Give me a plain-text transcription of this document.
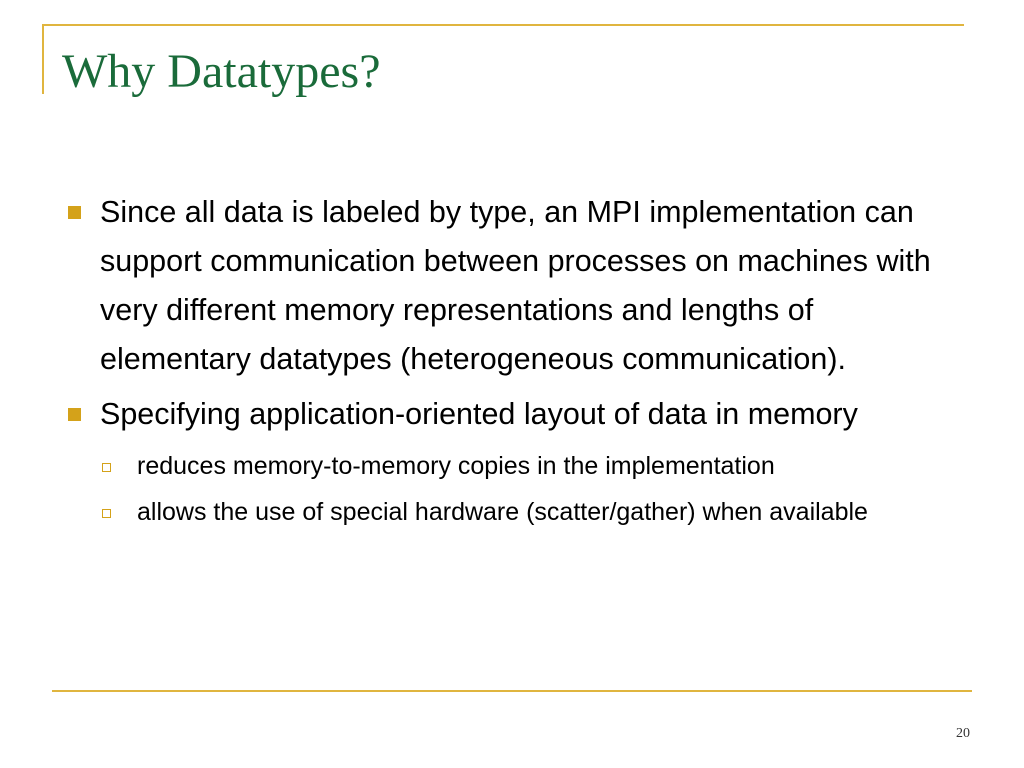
Why Datatypes?
Since all data is labeled by type, an MPI implementation can support communication between processes on machines with very different memory representations and lengths of elementary datatypes (heterogeneous communication).
Specifying application-oriented layout of data in memory
reduces memory-to-memory copies in the implementation
allows the use of special hardware (scatter/gather) when available
20
